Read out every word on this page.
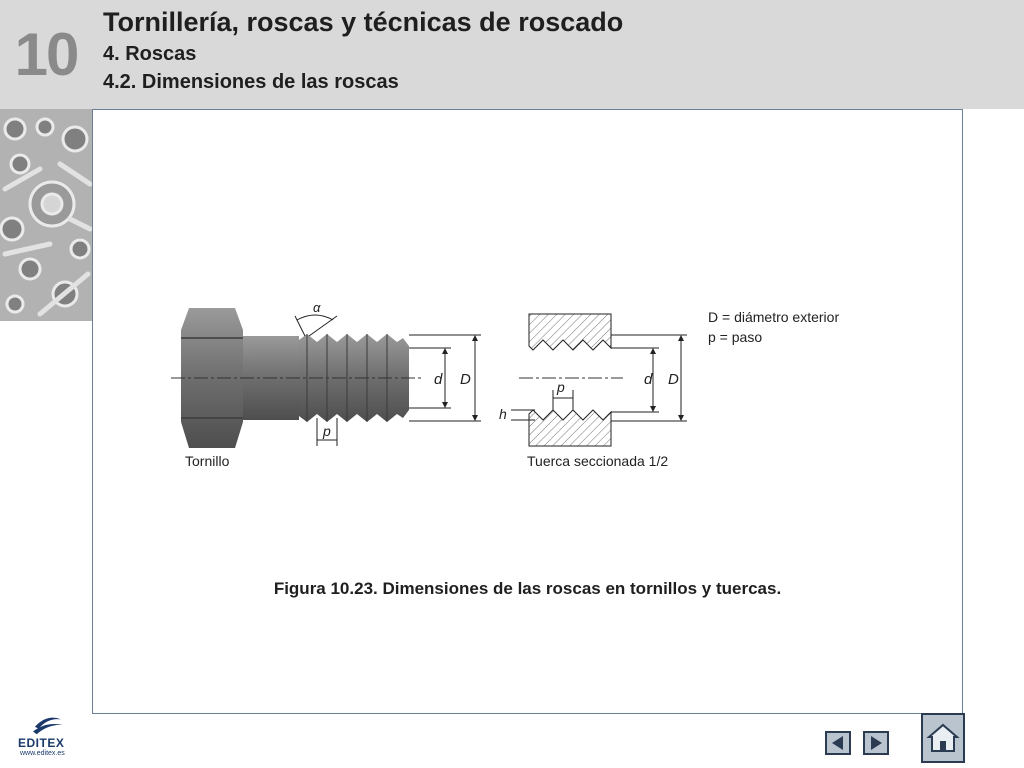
10 Tornillería, roscas y técnicas de roscado
4. Roscas
4.2. Dimensiones de las roscas
α
d D
p
Tornillo
d D
p
h
Tuerca seccionada 1/2
D = diámetro exterior
p = paso
Figura 10.23. Dimensiones de las roscas en tornillos y tuercas.
EDITEX
www.editex.es
